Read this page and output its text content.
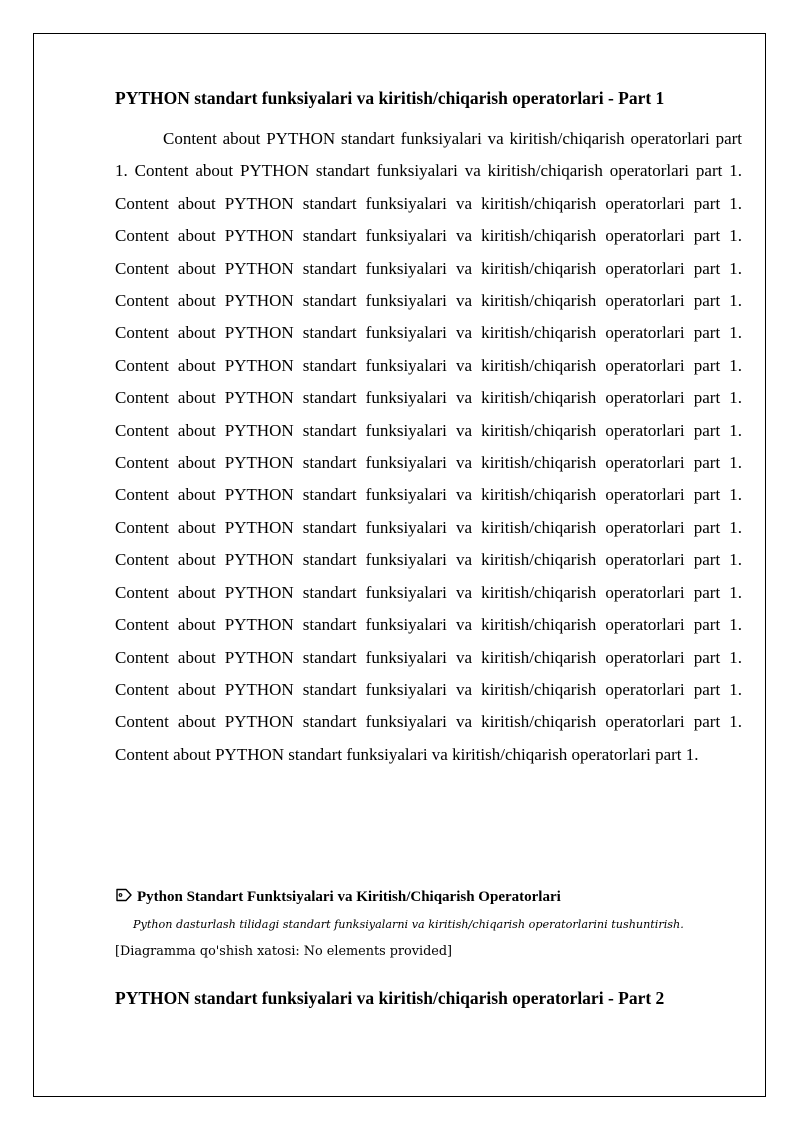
PYTHON standart funksiyalari va kiritish/chiqarish operatorlari - Part 1

Content about PYTHON standart funksiyalari va kiritish/chiqarish operatorlari part 1. Content about PYTHON standart funksiyalari va kiritish/chiqarish operatorlari part 1. Content about PYTHON standart funksiyalari va kiritish/chiqarish operatorlari part 1. Content about PYTHON standart funksiyalari va kiritish/chiqarish operatorlari part 1. Content about PYTHON standart funksiyalari va kiritish/chiqarish operatorlari part 1. Content about PYTHON standart funksiyalari va kiritish/chiqarish operatorlari part 1. Content about PYTHON standart funksiyalari va kiritish/chiqarish operatorlari part 1. Content about PYTHON standart funksiyalari va kiritish/chiqarish operatorlari part 1. Content about PYTHON standart funksiyalari va kiritish/chiqarish operatorlari part 1. Content about PYTHON standart funksiyalari va kiritish/chiqarish operatorlari part 1. Content about PYTHON standart funksiyalari va kiritish/chiqarish operatorlari part 1. Content about PYTHON standart funksiyalari va kiritish/chiqarish operatorlari part 1. Content about PYTHON standart funksiyalari va kiritish/chiqarish operatorlari part 1. Content about PYTHON standart funksiyalari va kiritish/chiqarish operatorlari part 1. Content about PYTHON standart funksiyalari va kiritish/chiqarish operatorlari part 1. Content about PYTHON standart funksiyalari va kiritish/chiqarish operatorlari part 1. Content about PYTHON standart funksiyalari va kiritish/chiqarish operatorlari part 1. Content about PYTHON standart funksiyalari va kiritish/chiqarish operatorlari part 1. Content about PYTHON standart funksiyalari va kiritish/chiqarish operatorlari part 1. Content about PYTHON standart funksiyalari va kiritish/chiqarish operatorlari part 1.

Python Standart Funktsiyalari va Kiritish/Chiqarish Operatorlari
Python dasturlash tilidagi standart funksiyalarni va kiritish/chiqarish operatorlarini tushuntirish.
[Diagramma qo'shish xatosi: No elements provided]
PYTHON standart funksiyalari va kiritish/chiqarish operatorlari - Part 2
